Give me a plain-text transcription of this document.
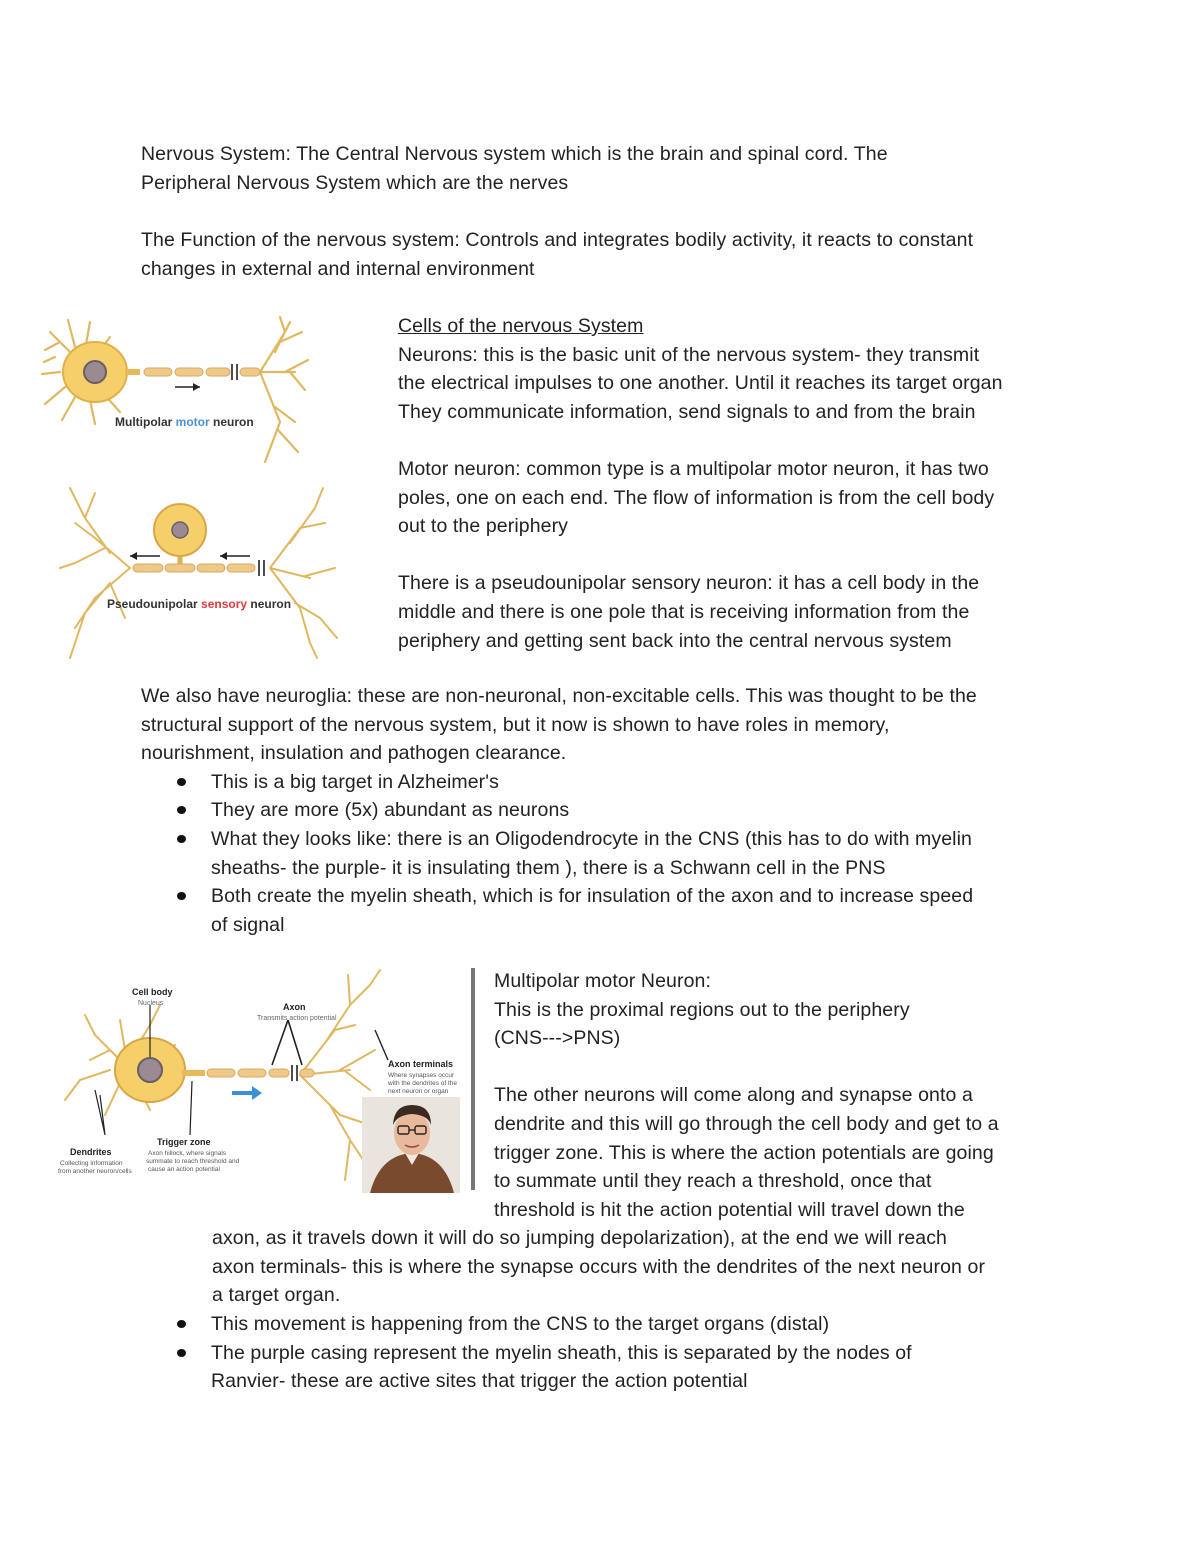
Nervous System: The Central Nervous system which is the brain and spinal cord. The
Peripheral Nervous System which are the nerves
The Function of the nervous system: Controls and integrates bodily activity, it reacts to constant
changes in external and internal environment
Cells of the nervous System
Neurons: this is the basic unit of the nervous system- they transmit
the electrical impulses to one another. Until it reaches its target organ
They communicate information, send signals to and from the brain

Motor neuron: common type is a multipolar motor neuron, it has two
poles, one on each end. The flow of information is from the cell body
out to the periphery

There is a pseudounipolar sensory neuron: it has a cell body in the
middle and there is one pole that is receiving information from the
periphery and getting sent back into the central nervous system
Multipolar motor neuron
Pseudounipolar sensory neuron
We also have neuroglia: these are non-neuronal, non-excitable cells. This was thought to be the
structural support of the nervous system, but it now is shown to have roles in memory,
nourishment, insulation and pathogen clearance.
This is a big target in Alzheimer's
They are more (5x) abundant as neurons
What they looks like: there is an Oligodendrocyte in the CNS (this has to do with myelin
sheaths- the purple- it is insulating them ), there is a Schwann cell in the PNS
Both create the myelin sheath, which is for insulation of the axon and to increase speed
of signal
Cell body
Nucleus	Axon
Transmits action potential
Axon terminals
Where synapses occur
with the dendrites of the
next neuron or organ
Dendrites
Collecting information
from another neuron/cells
Trigger zone
Axon hillock, where signals
summate to reach threshold and
cause an action potential
Multipolar motor Neuron:
This is the proximal regions out to the periphery
(CNS--->PNS)

The other neurons will come along and synapse onto a
dendrite and this will go through the cell body and get to a
trigger zone. This is where the action potentials are going
to summate until they reach a threshold, once that
threshold is hit the action potential will travel down the
axon, as it travels down it will do so jumping depolarization), at the end we will reach
axon terminals- this is where the synapse occurs with the dendrites of the next neuron or
a target organ.
This movement is happening from the CNS to the target organs (distal)
The purple casing represent the myelin sheath, this is separated by the nodes of
Ranvier- these are active sites that trigger the action potential
